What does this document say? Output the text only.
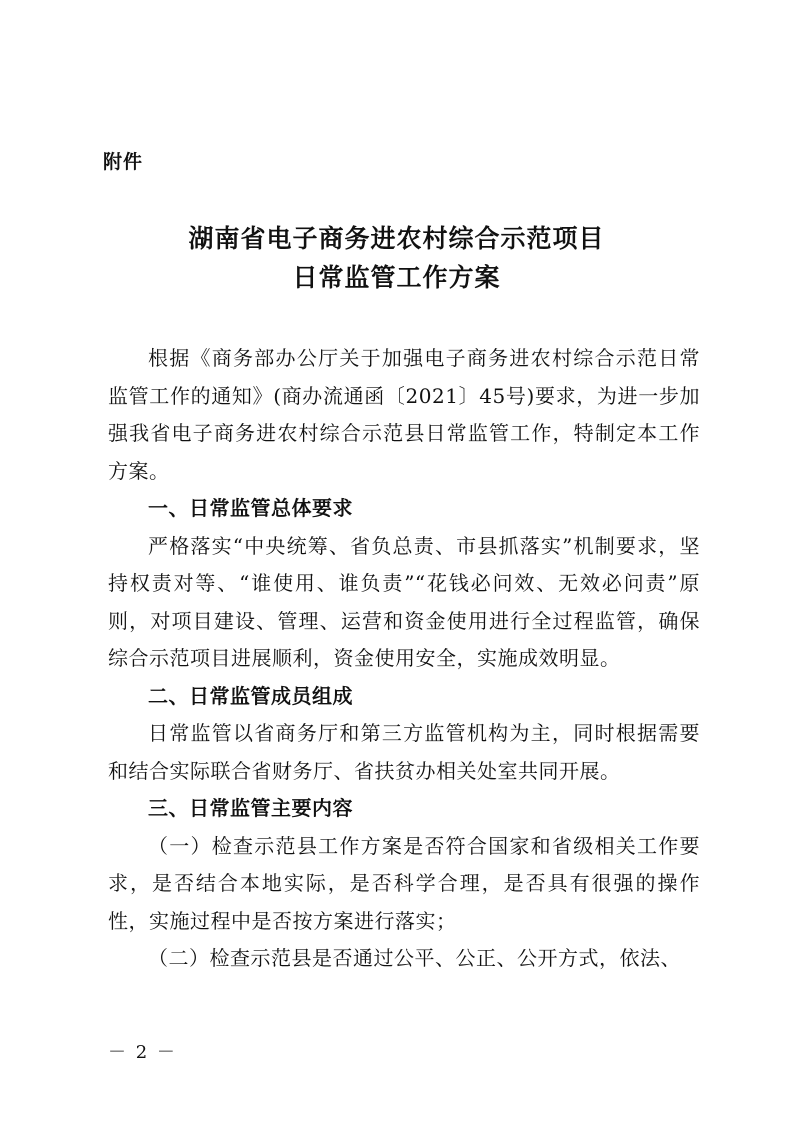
附件
湖南省电子商务进农村综合示范项目
日常监管工作方案

根据《商务部办公厅关于加强电子商务进农村综合示范日常监管工作的通知》(商办流通函〔2021〕45号)要求，为进一步加强我省电子商务进农村综合示范县日常监管工作，特制定本工作方案。

一、日常监管总体要求

严格落实“中央统筹、省负总责、市县抓落实”机制要求，坚持权责对等、“谁使用、谁负责”“花钱必问效、无效必问责”原则，对项目建设、管理、运营和资金使用进行全过程监管，确保综合示范项目进展顺利，资金使用安全，实施成效明显。

二、日常监管成员组成

日常监管以省商务厅和第三方监管机构为主，同时根据需要和结合实际联合省财务厅、省扶贫办相关处室共同开展。

三、日常监管主要内容

（一）检查示范县工作方案是否符合国家和省级相关工作要求，是否结合本地实际，是否科学合理，是否具有很强的操作性，实施过程中是否按方案进行落实；

（二）检查示范县是否通过公平、公正、公开方式，依法、

－ 2 －
